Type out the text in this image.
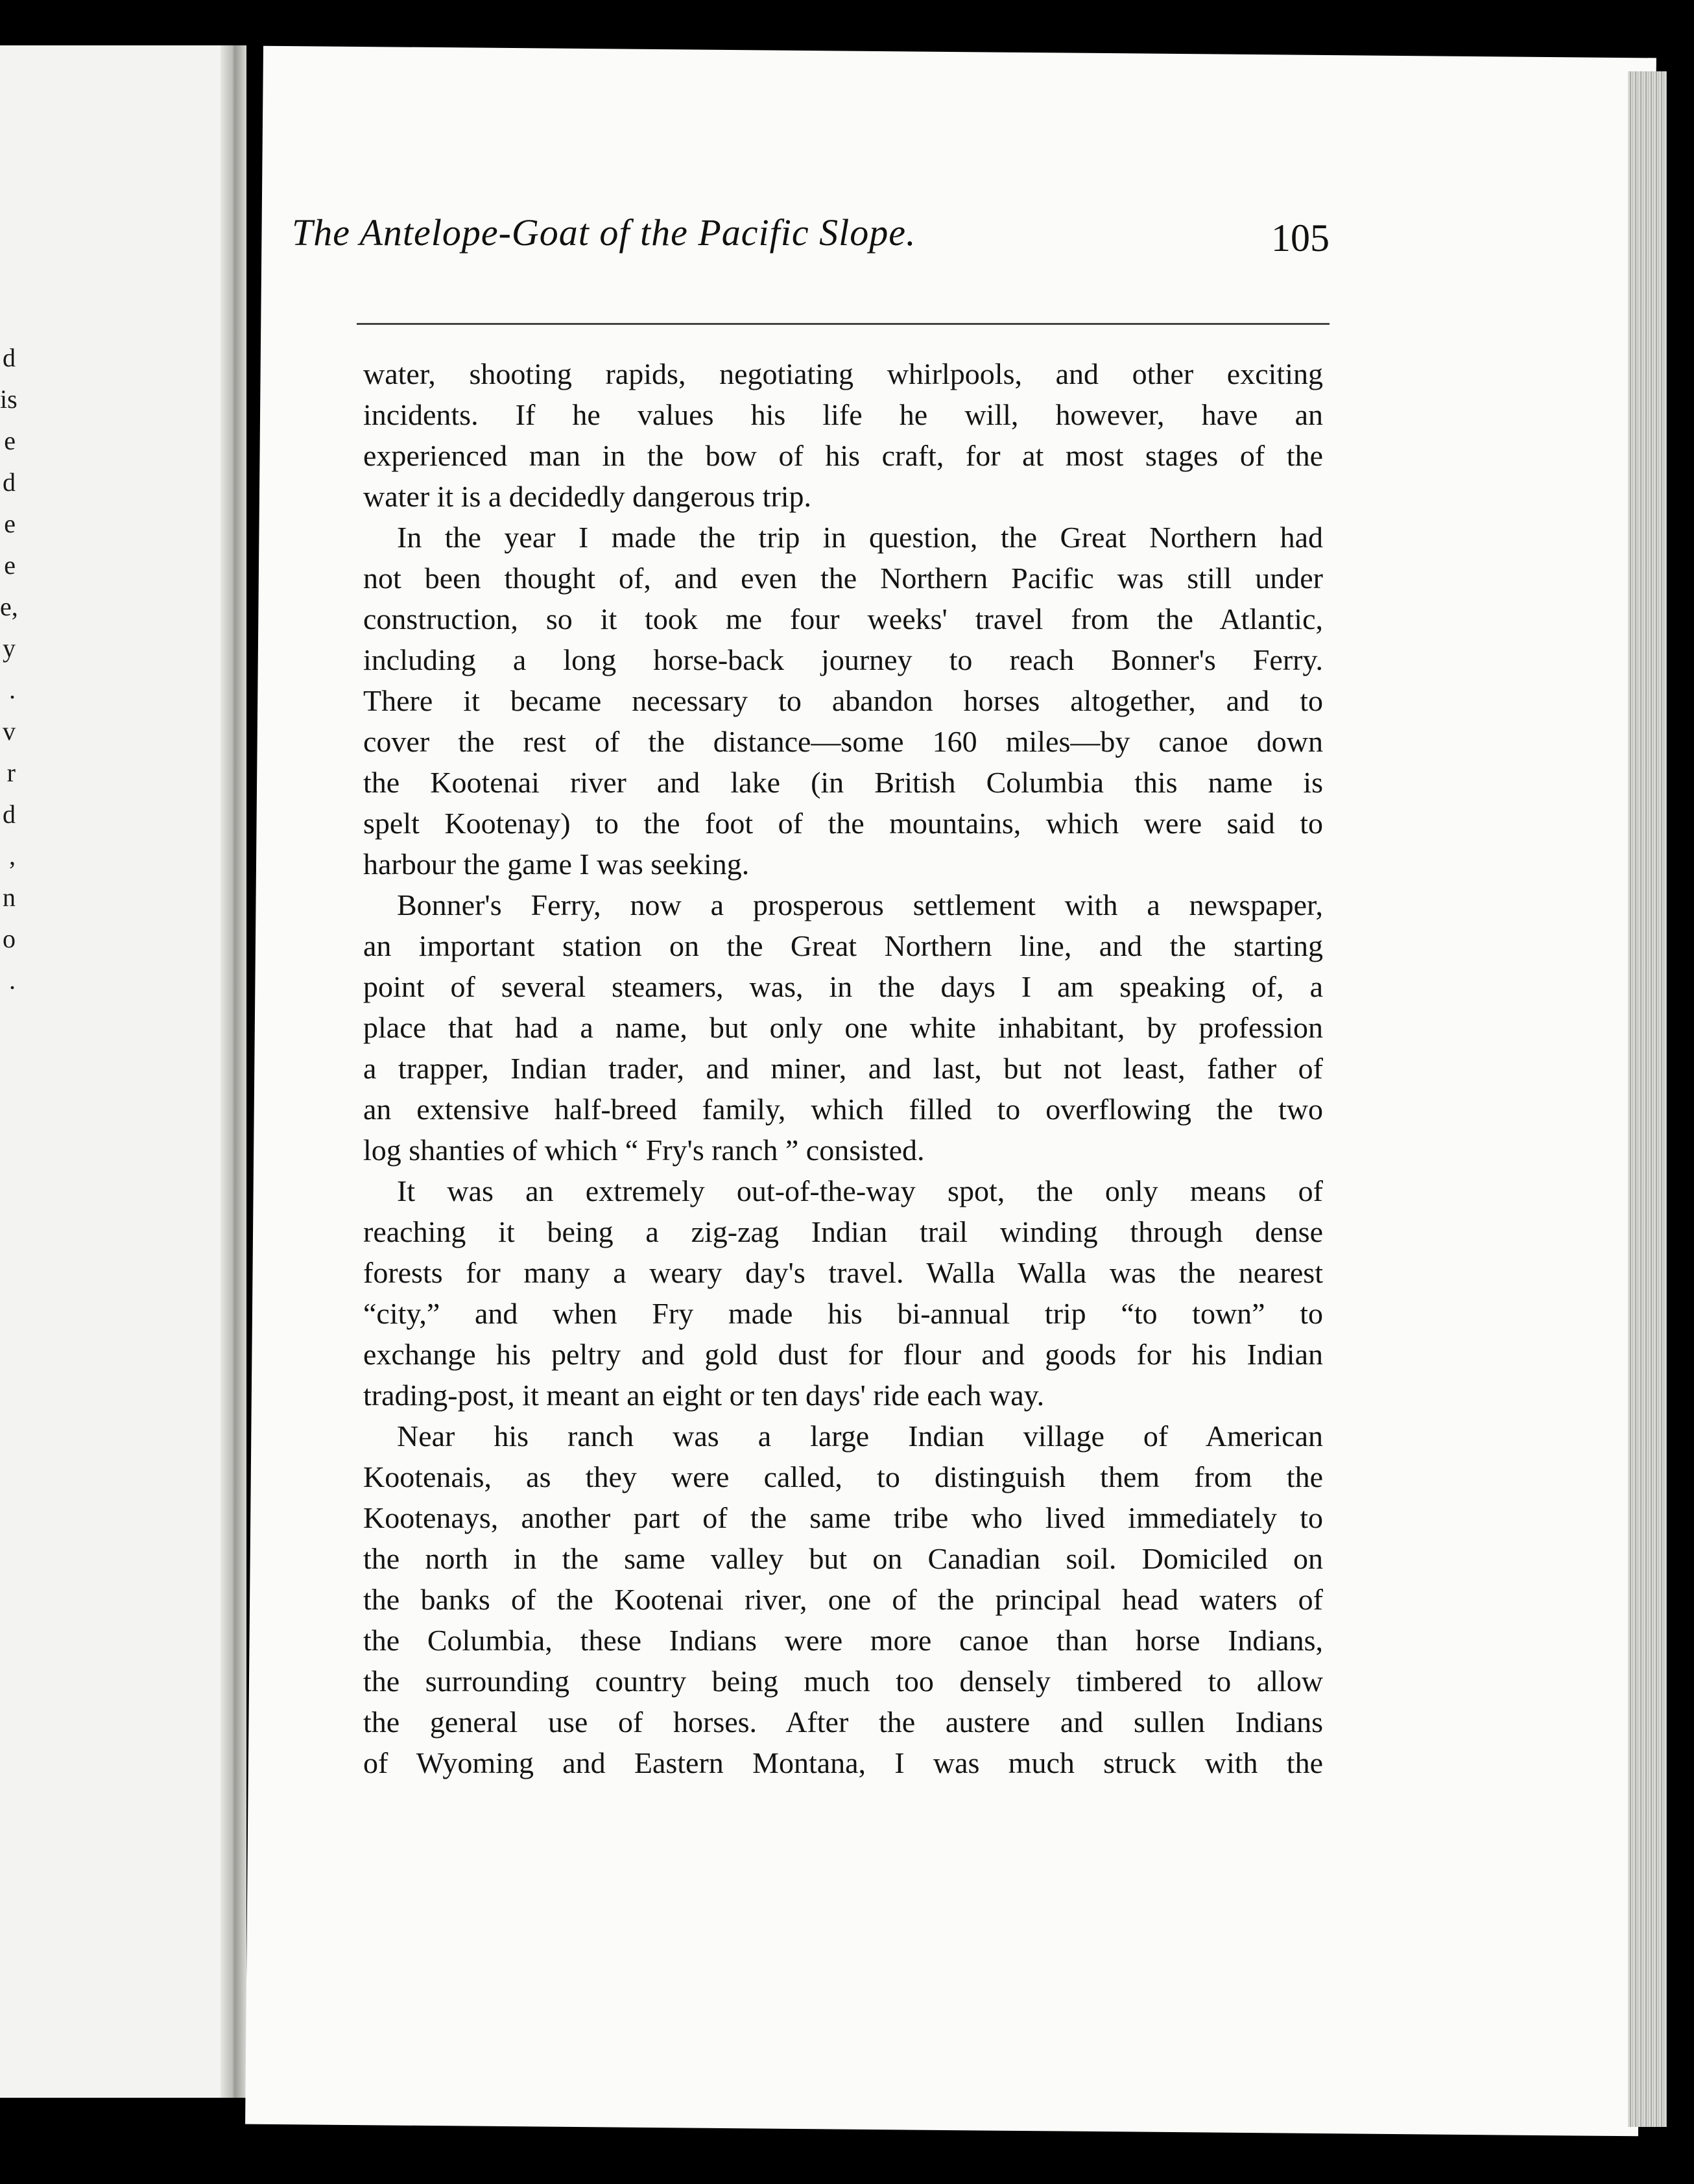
d
is
e
d
e
e
e,
y
.
v
r
d
,
n
o
.
The Antelope-Goat of the Pacific Slope.	105
water, shooting rapids, negotiating whirlpools, and other exciting
incidents. If he values his life he will, however, have an
experienced man in the bow of his craft, for at most stages of the
water it is a decidedly dangerous trip.
In the year I made the trip in question, the Great Northern had
not been thought of, and even the Northern Pacific was still under
construction, so it took me four weeks' travel from the Atlantic,
including a long horse-back journey to reach Bonner's Ferry.
There it became necessary to abandon horses altogether, and to
cover the rest of the distance—some 160 miles—by canoe down
the Kootenai river and lake (in British Columbia this name is
spelt Kootenay) to the foot of the mountains, which were said to
harbour the game I was seeking.
Bonner's Ferry, now a prosperous settlement with a newspaper,
an important station on the Great Northern line, and the starting
point of several steamers, was, in the days I am speaking of, a
place that had a name, but only one white inhabitant, by profession
a trapper, Indian trader, and miner, and last, but not least, father of
an extensive half-breed family, which filled to overflowing the two
log shanties of which “ Fry's ranch ” consisted.
It was an extremely out-of-the-way spot, the only means of
reaching it being a zig-zag Indian trail winding through dense
forests for many a weary day's travel. Walla Walla was the nearest
“city,” and when Fry made his bi-annual trip “to town” to
exchange his peltry and gold dust for flour and goods for his Indian
trading-post, it meant an eight or ten days' ride each way.
Near his ranch was a large Indian village of American
Kootenais, as they were called, to distinguish them from the
Kootenays, another part of the same tribe who lived immediately to
the north in the same valley but on Canadian soil. Domiciled on
the banks of the Kootenai river, one of the principal head waters of
the Columbia, these Indians were more canoe than horse Indians,
the surrounding country being much too densely timbered to allow
the general use of horses. After the austere and sullen Indians
of Wyoming and Eastern Montana, I was much struck with the
